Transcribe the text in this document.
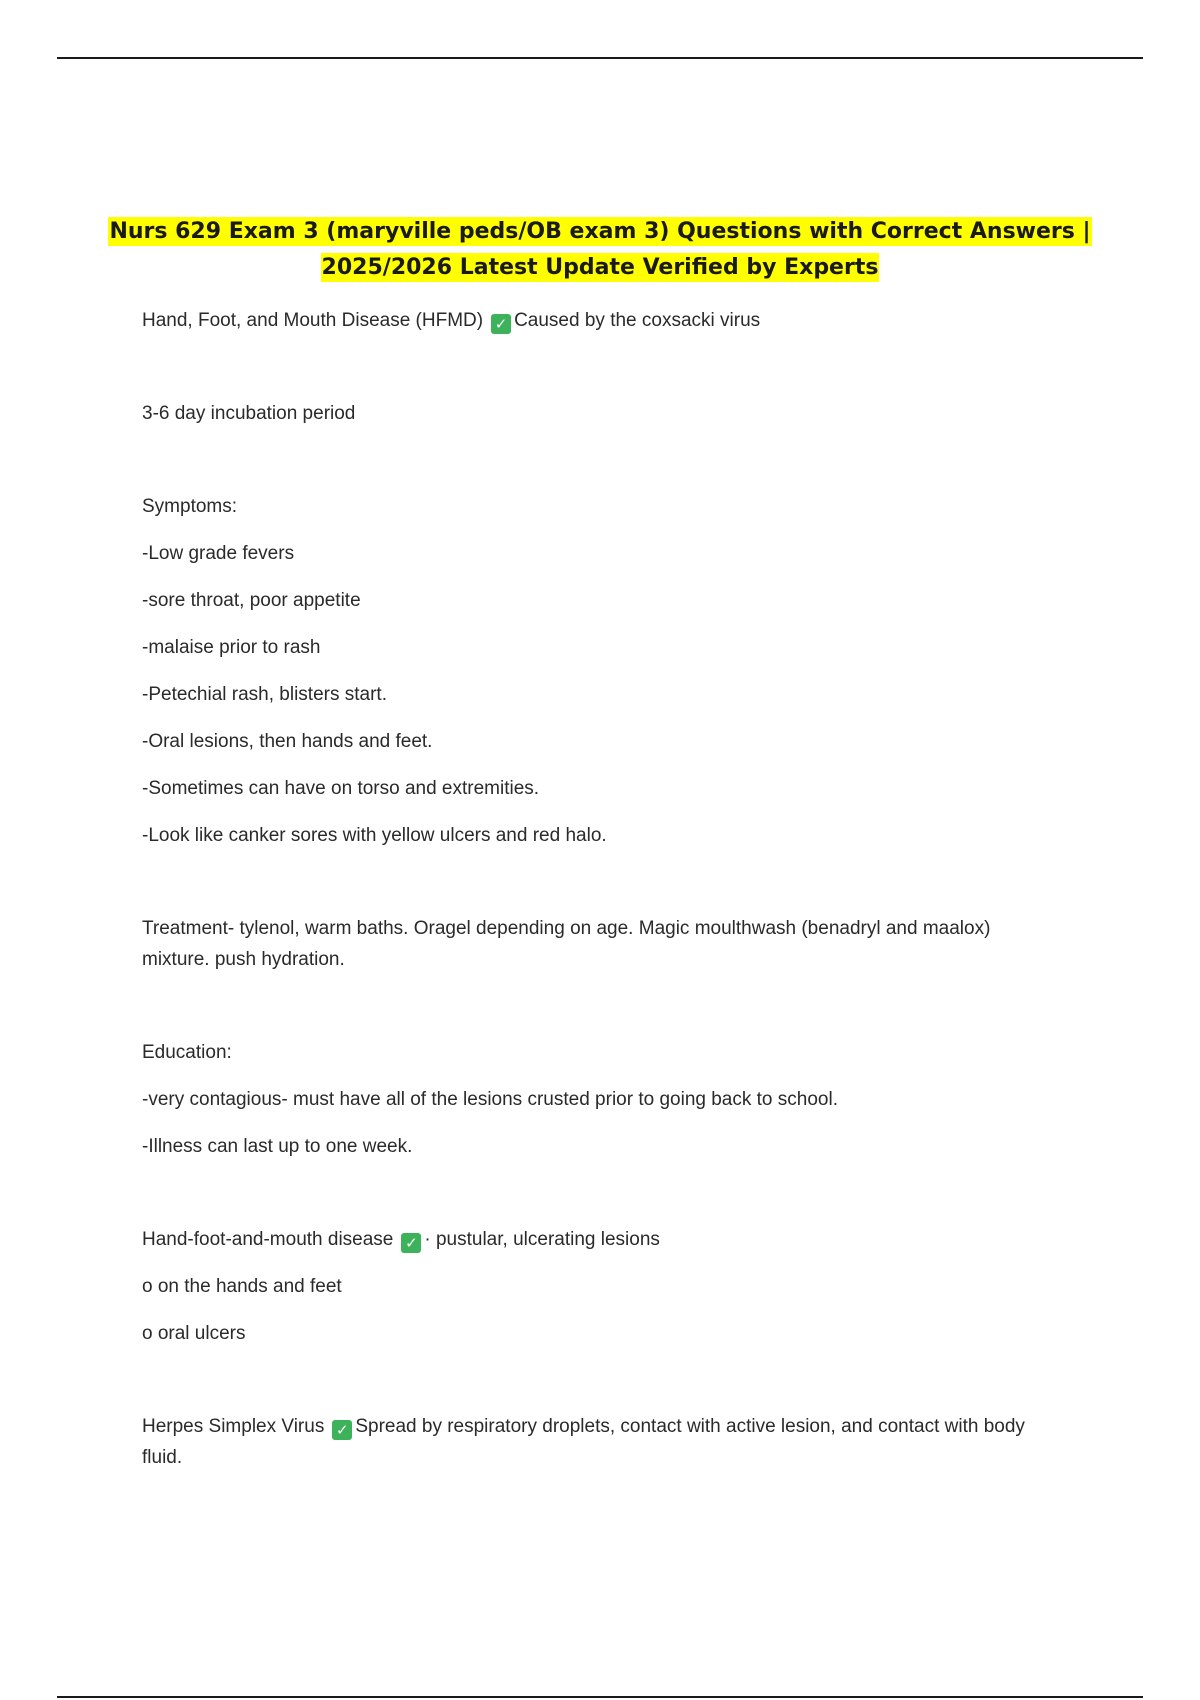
Nurs 629 Exam 3 (maryville peds/OB exam 3) Questions with Correct Answers |
2025/2026 Latest Update Verified by Experts

Hand, Foot, and Mouth Disease (HFMD) ✓ Caused by the coxsacki virus

3-6 day incubation period

Symptoms:

-Low grade fevers

-sore throat, poor appetite

-malaise prior to rash

-Petechial rash, blisters start.

-Oral lesions, then hands and feet.

-Sometimes can have on torso and extremities.

-Look like canker sores with yellow ulcers and red halo.

Treatment- tylenol, warm baths. Oragel depending on age. Magic moulthwash (benadryl and maalox) mixture. push hydration.

Education:

-very contagious- must have all of the lesions crusted prior to going back to school.

-Illness can last up to one week.

Hand-foot-and-mouth disease ✓ · pustular, ulcerating lesions

o on the hands and feet

o oral ulcers

Herpes Simplex Virus ✓ Spread by respiratory droplets, contact with active lesion, and contact with body fluid.
